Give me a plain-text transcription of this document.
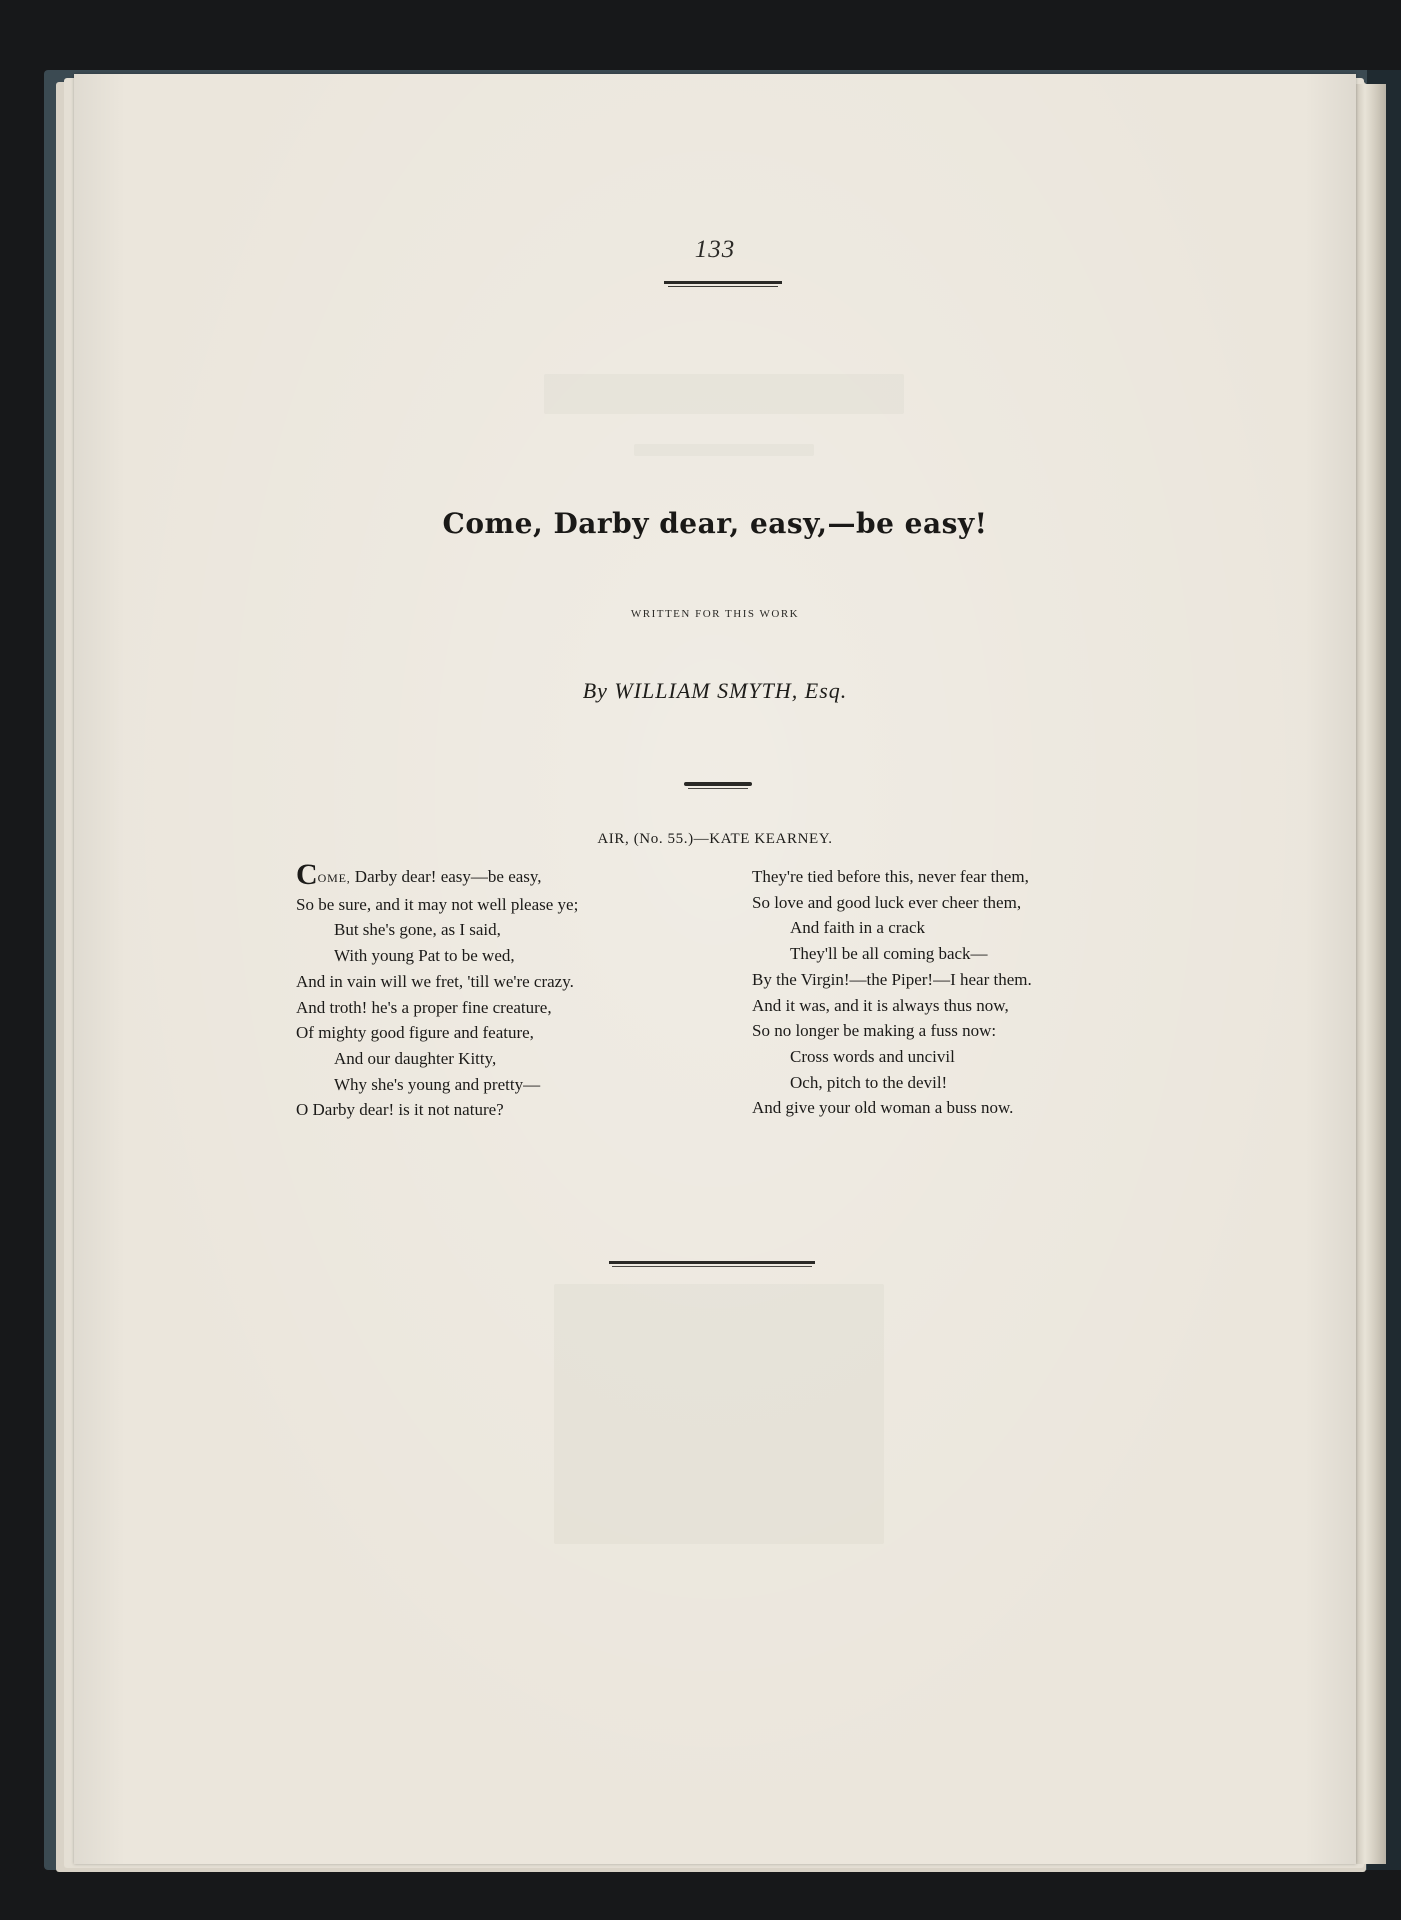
133
Come, Darby dear, easy,—be easy!
WRITTEN FOR THIS WORK
By WILLIAM SMYTH, Esq.
AIR, (No. 55.)—KATE KEARNEY.
COME, Darby dear! easy—be easy,
So be sure, and it may not well please ye;
But she's gone, as I said,
With young Pat to be wed,
And in vain will we fret, 'till we're crazy.
And troth! he's a proper fine creature,
Of mighty good figure and feature,
And our daughter Kitty,
Why she's young and pretty—
O Darby dear! is it not nature?
They're tied before this, never fear them,
So love and good luck ever cheer them,
And faith in a crack
They'll be all coming back—
By the Virgin!—the Piper!—I hear them.
And it was, and it is always thus now,
So no longer be making a fuss now:
Cross words and uncivil
Och, pitch to the devil!
And give your old woman a buss now.
